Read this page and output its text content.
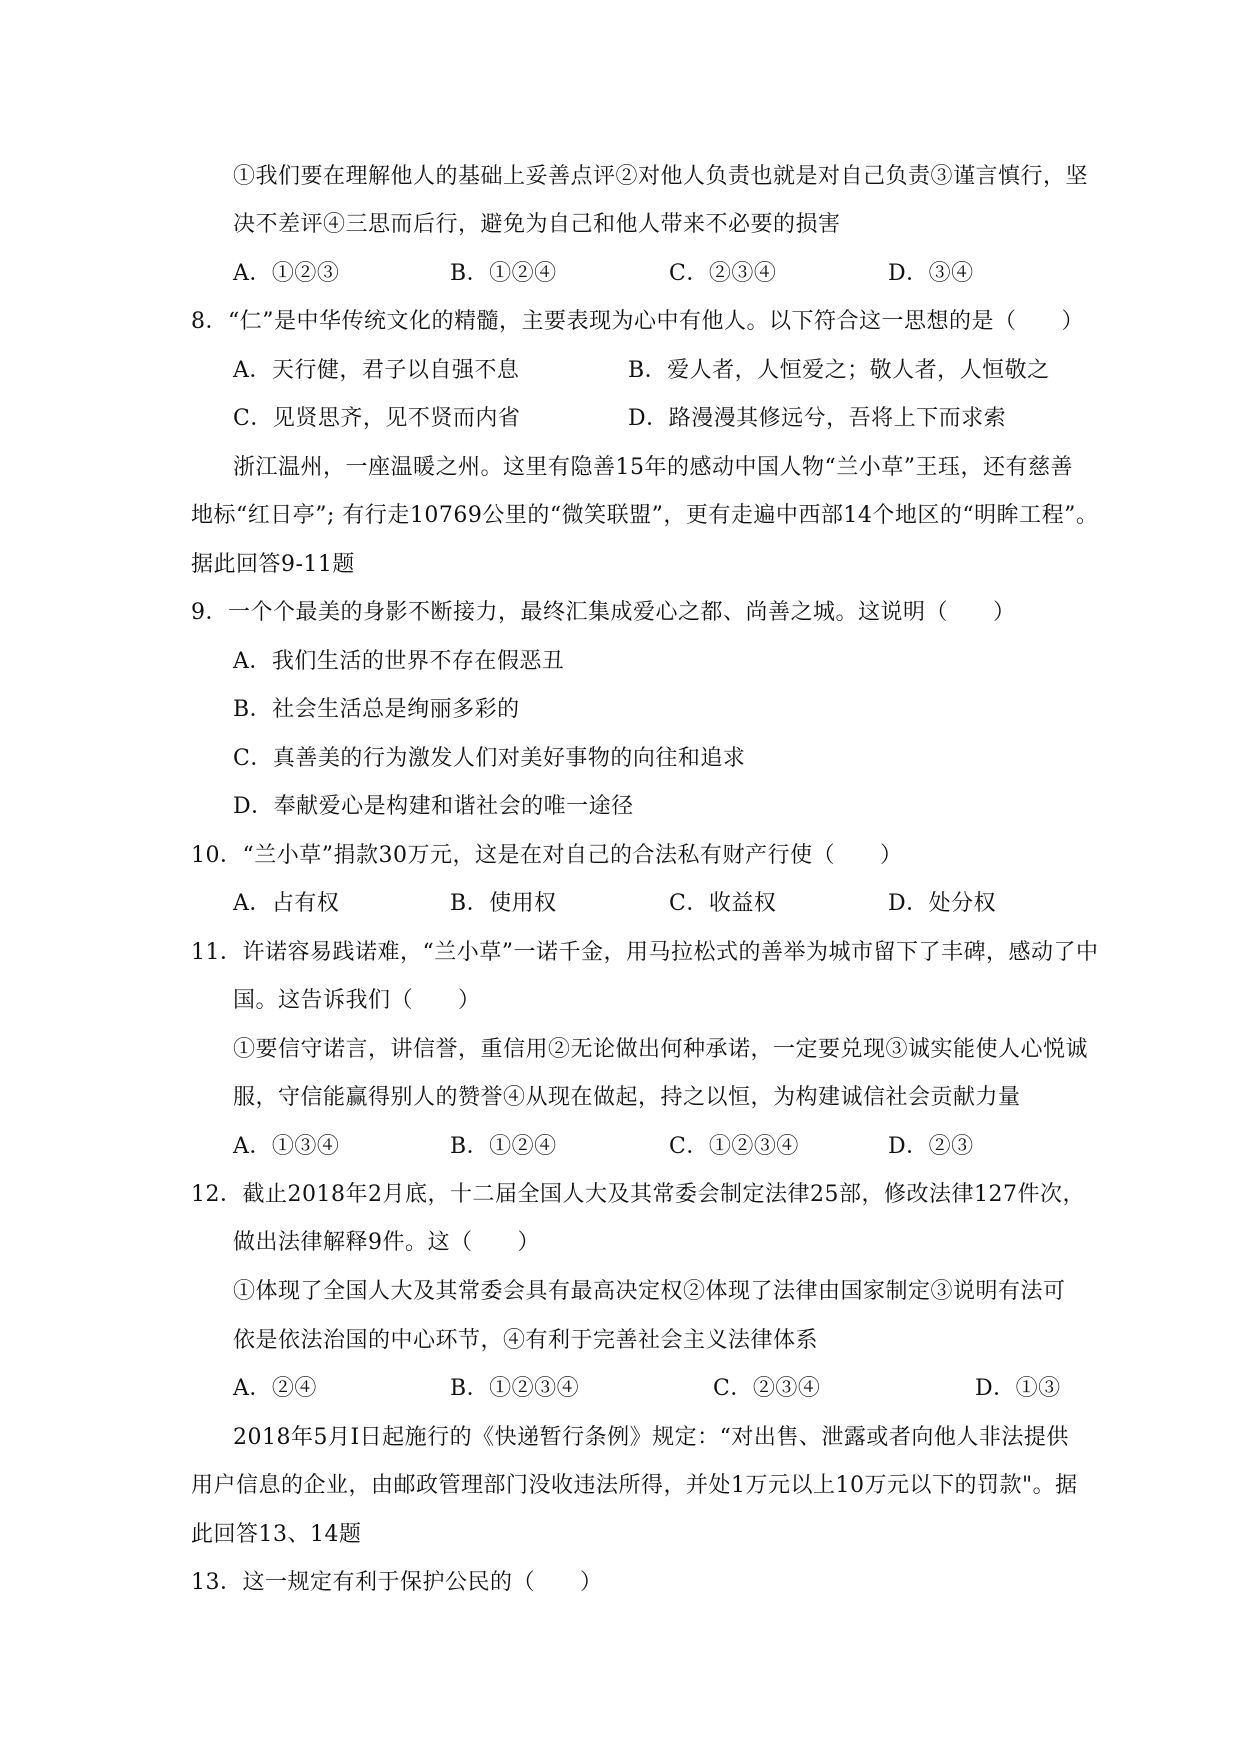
①我们要在理解他人的基础上妥善点评②对他人负责也就是对自己负责③谨言慎行，坚
决不差评④三思而后行，避免为自己和他人带来不必要的损害
A．①②③	B．①②④	C．②③④	D．③④
8．“仁”是中华传统文化的精髓，主要表现为心中有他人。以下符合这一思想的是（　　）
A．天行健，君子以自强不息	B．爱人者，人恒爱之；敬人者，人恒敬之
C．见贤思齐，见不贤而内省	D．路漫漫其修远兮，吾将上下而求索
浙江温州，一座温暖之州。这里有隐善15年的感动中国人物“兰小草”王珏，还有慈善
地标“红日亭”; 有行走10769公里的“微笑联盟”，更有走遍中西部14个地区的“明眸工程”。
据此回答9-11题
9．一个个最美的身影不断接力，最终汇集成爱心之都、尚善之城。这说明（　　）
A．我们生活的世界不存在假恶丑
B．社会生活总是绚丽多彩的
C．真善美的行为激发人们对美好事物的向往和追求
D．奉献爱心是构建和谐社会的唯一途径
10．“兰小草”捐款30万元，这是在对自己的合法私有财产行使（　　）
A．占有权	B．使用权	C．收益权	D．处分权
11．许诺容易践诺难，“兰小草”一诺千金，用马拉松式的善举为城市留下了丰碑，感动了中
国。这告诉我们（　　）
①要信守诺言，讲信誉，重信用②无论做出何种承诺，一定要兑现③诚实能使人心悦诚
服，守信能赢得别人的赞誉④从现在做起，持之以恒，为构建诚信社会贡献力量
A．①③④	B．①②④	C．①②③④	D．②③
12．截止2018年2月底，十二届全国人大及其常委会制定法律25部，修改法律127件次，
做出法律解释9件。这（　　）
①体现了全国人大及其常委会具有最高决定权②体现了法律由国家制定③说明有法可
依是依法治国的中心环节，④有利于完善社会主义法律体系
A．②④	B．①②③④	C．②③④	D．①③
2018年5月I日起施行的《快递暂行条例》规定：“对出售、泄露或者向他人非法提供
用户信息的企业，由邮政管理部门没收违法所得，并处1万元以上10万元以下的罚款"。据
此回答13、14题
13．这一规定有利于保护公民的（　　）
